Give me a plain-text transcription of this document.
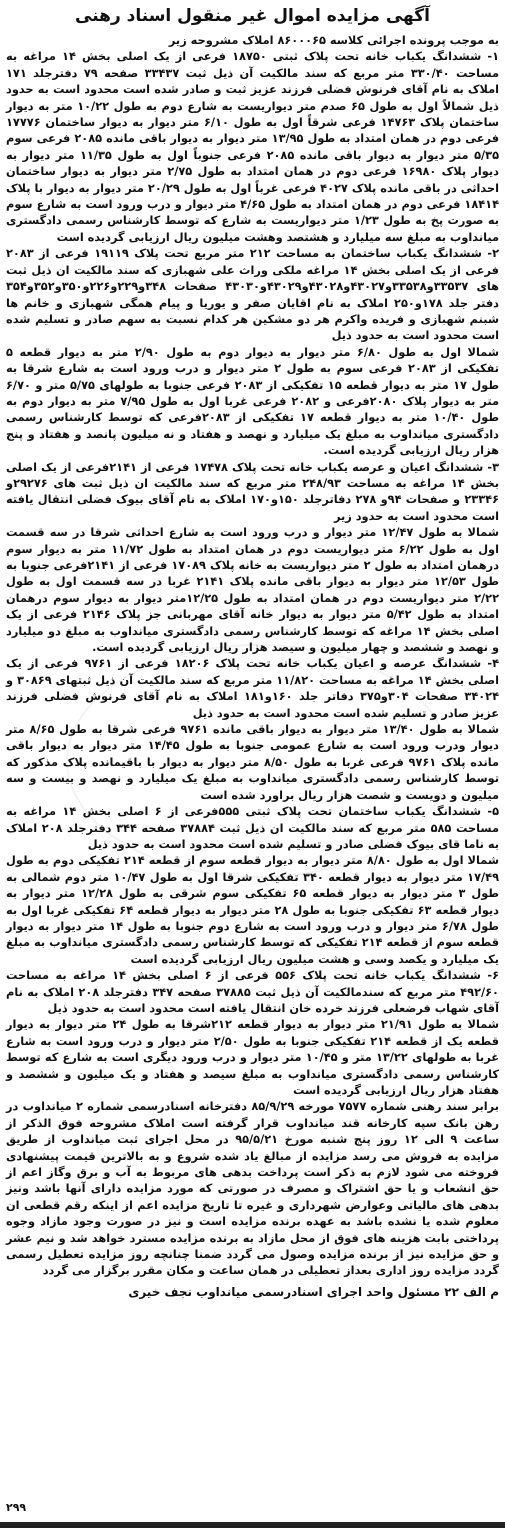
آگهی مزایده اموال غیر منقول اسناد رهنی

به موجب پرونده اجرائی کلاسه ۸۶۰۰۰۶۵ املاک مشروحه زیر

۱- ششدانگ یکباب خانه تحت پلاک ثبتی ۱۸۷۵۰ فرعی از یک اصلی بخش ۱۴ مراغه به مساحت ۳۳۰/۴۰ متر مربع که سند مالکیت آن ذیل ثبت ۳۳۴۳۷ صفحه ۷۹ دفترجلد ۱۷۱ املاک به نام آقای فرنوش فضلی فرزند عزیز ثبت و صادر شده است محدود است به حدود ذیل شمالاً اول به طول ۶۵ صدم متر دیواریست به شارع دوم به طول ۱۰/۲۲ متر به دیوار ساختمان پلاک ۱۴۷۶۳ فرعی شرقاً اول به طول ۶/۱۰ متر دیوار به دیوار ساختمان ۱۷۷۷۶ فرعی دوم در همان امتداد به طول ۱۳/۹۵ متر دیوار به دیوار باقی مانده ۲۰۸۵ فرعی سوم ۵/۳۵ متر دیوار به دیوار باقی مانده ۲۰۸۵ فرعی جنوباً اول به طول ۱۱/۳۵ متر دیوار به دیوار پلاک ۱۶۹۸۰ فرعی دوم در همان امتداد به طول ۲/۷۵ متر دیوار به دیوار ساختمان احداثی در باقی مانده پلاک ۴۰۲۷ فرعی غرباً اول به طول ۲۰/۲۹ متر دیوار به دیوار با پلاک ۱۸۴۱۴ فرعی دوم در همان امتداد به طول ۴/۶۵ متر دیوار و درب ورود است به شارع سوم به صورت پخ به طول ۱/۲۳ متر دیواریست به شارع که توسط کارشناس رسمی دادگستری میانداوب به مبلغ سه میلیارد و هشتصد وهشت میلیون ریال ارزیابی گردیده است

۲- ششدانگ یکباب ساختمان به مساحت ۲۱۲ متر مربع تحت پلاک ۱۹۱۱۹ فرعی از ۲۰۸۳ فرعی از یک اصلی بخش ۱۴ مراغه ملکی وراث علی شهبازی که سند مالکیت ان ذیل ثبت های ۳۳۵۳۷و۳۳۵۳۸و۴۳۰۲۷و۴۳۰۲۸و۴۳۰۲۹و۴۳۰۳۰ صفحات ۳۴۸و۲۲۹و۲۲۶و۳۵۰و۳۵۲و۳۵۴ دفتر جلد ۱۷۸و۲۵۰ املاک به نام اقایان صفر و یوریا و پیام همگی شهبازی و خانم ها شبنم شهبازی و فریده واکرم هر دو مشکین هر کدام نسبت به سهم صادر و تسلیم شده است محدود است به حدود ذیل

شمالا اول به طول ۶/۸۰ متر دیوار به دیوار دوم به طول ۲/۹۰ متر به دیوار قطعه ۵ تفکیکی از ۲۰۸۳ فرعی سوم به طول ۲ متر دیوار و درب ورود است به شارع شرقا به طول ۱۷ متر به دیوار قطعه ۱۵ تفکیکی از ۲۰۸۳ فرعی جنوبا به طولهای ۵/۷۵ متر و ۶/۷۰ متر به دیوار پلاک ۲۰۸۰فرعی و ۲۰۸۲ فرعی غربا اول به طول ۷/۹۵ متر به دیوار دوم به طول ۱۰/۴۰ متر به دیوار قطعه ۱۷ تفکیکی از ۲۰۸۳فرعی که توسط کارشناس رسمی دادگستری میانداوب به مبلغ یک میلیارد و نهصد و هفتاد و نه میلیون پانصد و هفتاد و پنج هزار ریال ارزیابی گردیده است.

۳- ششدانگ اعیان و عرصه یکباب خانه تحت پلاک ۱۷۴۷۸ فرعی از ۲۱۴۱فرعی از یک اصلی بخش ۱۴ مراغه به مساحت ۲۴۸/۹۳ متر مربع که سند مالکیت ان ذیل ثبت های ۲۹۲۷۶و ۲۳۳۴۶ و صفحات ۹۴و ۲۷۸ دفاترجلد ۱۵۰و۱۷۰ املاک به نام آقای بیوک فضلی انتقال یافته است محدود است به حدود زیر

شمالا به طول ۱۲/۴۷ متر دیوار و درب ورود است به شارع احداثی شرقا در سه قسمت اول به طول ۶/۲۲ متر دیواریست دوم در همان امتداد به طول ۱۱/۷۲ متر به دیوار سوم درهمان امتداد به طول ۲ متر دیواریست به خانه پلاک ۱۷۰۸۹ فرعی از ۲۱۴۱فرعی جنوبا به طول ۱۲/۵۳ متر دیوار به دیوار باقی مانده پلاک ۲۱۴۱ غربا در سه قسمت اول به طول ۲/۲۲ متر دیواریست دوم در همان امتداد به طول ۱۲/۲۵متر دیوار به دیوار سوم درهمان امتداد به طول ۵/۴۲ متر دیوار به دیوار خانه آقای مهربانی جز پلاک ۲۱۴۶ فرعی از یک اصلی بخش ۱۴ مراغه که توسط کارشناس رسمی دادگستری میانداوب به مبلغ دو میلیارد و نهصد و ششصد و چهار میلیون و سیصد هزار ریال ارزیابی گردیده است.

۴- ششدانگ عرصه و اعیان یکباب خانه تحت پلاک ۱۸۲۰۶ فرعی از ۹۷۶۱ فرعی از یک اصلی بخش ۱۴ مراغه به مساحت ۱۱/۸۲۰ متر مربع که سند مالکیت آن ذیل ثبتهای ۳۰۸۶۹ و ۳۴۰۲۴ صفحات ۳۰۴و۳۷۵ دفاتر جلد ۱۶۰و۱۸۱ املاک به نام آقای فرنوش فضلی فرزند عزیز صادر و تسلیم شده است محدود است به حدود ذیل

شمالا به طول ۱۳/۴۰ متر دیوار به دیوار باقی مانده ۹۷۶۱ فرعی شرقا به طول ۸/۶۵ متر دیوار ودرب ورود است به شارع عمومی جنوبا به طول ۱۴/۴۵ متر دیوار به دیوار باقی مانده پلاک ۹۷۶۱ فرعی غربا به طول ۸/۵۰ متر دیوار به دیوار با باقیمانده پلاک مذکور که توسط کارشناس رسمی دادگستری میانداوب به مبلغ یک میلیارد و نهصد و بیست و سه میلیون و دویست و شصت هزار ریال براورد شده است

۵- ششدانگ یکباب ساختمان تحت پلاک ثبتی ۵۵۵فرعی از ۶ اصلی بخش ۱۴ مراغه به مساحت ۵۸۵ متر مربع که سند مالکیت ان ذیل ثبت ۳۷۸۸۴ صفحه ۳۴۴ دفترجلد ۲۰۸ املاک به ناما قای بیوک فضلی صادر و تسلیم شده است محدود است به حدود ذیل

شمالا اول به طول ۸/۸۰ متر دیوار به دیوار قطعه سوم از قطعه ۲۱۴ تفکیکی دوم به طول ۱۷/۴۹ متر دیوار به دیوار قطعه ۳۴۰ تفکیکی شرقا اول به طول ۱۰/۴۷ متر دوم شمالی به طول ۳ متر دیوار به دیوار قطعه ۶۵ تفکیکی سوم شرقی به طول ۱۲/۲۸ متر دیوار به دیوار قطعه ۶۳ تفکیکی جنوبا به طول ۲۸ متر دیوار به دیوار قطعه ۶۴ تفکیکی غربا اول به طول ۶/۷۸ متر دیوار و درب ورود است به شارع دوم جنوبا به طول ۱۴ متر دیوار به دیوار قطعه سوم از قطعه ۲۱۴ تفکیکی که توسط کارشناس رسمی دادگستری میانداوب به مبلغ یک میلیارد و یکصد وسی و هشت میلیون ریال ارزیابی گردیده است

۶- ششدانگ یکباب خانه تحت پلاک ۵۵۶ فرعی از ۶ اصلی بخش ۱۴ مراغه به مساحت ۴۹۲/۶۰ متر مربع که سندمالکیت آن ذیل ثبت ۳۷۸۸۵ صفحه ۳۴۷ دفترجلد ۲۰۸ املاک به نام آقای شهاب فرضعلی فرزند خرده خان انتقال یافته است محدود است به حدود ذیل

شمالا به طول ۲۱/۹۱ متر دیوار به دیوار قطعه ۲۱۲شرقا به طول ۲۴ متر دیوار به دیوار قطعه یک از قطعه ۲۱۴ تفکیکی جنوبا به طول ۲/۵۰ متر دیوار و درب ورود است به شارع غربا به طولهای ۱۳/۲۲ متر و ۱۰/۴۵ متر دیوار و درب ورود دیگری است به شارع که توسط کارشناس رسمی دادگستری میانداوب به مبلغ سیصد و هفتاد و یک میلیون و ششصد و هفتاد هزار ریال ارزیابی گردیده است

برابر سند رهنی شماره ۷۵۷۷ مورخه ۸۵/۹/۲۹ دفترخانه اسنادرسمی شماره ۲ میانداوب در رهن بانک سپه کارخانه قند میانداوب قرار گرفته است املاک مشروحه فوق الذکر از ساعت ۹ الی ۱۲ روز پنج شنبه مورخ ۹۵/۵/۲۱ در محل اجرای ثبت میانداوب از طریق مزایده به فروش می رسد مزایده از مبالغ یاد شده شروع و به بالاترین قیمت پیشنهادی فروخته می شود لازم به ذکر است پرداخت بدهی های مربوط به آب و برق وگاز اعم از حق انشعاب و یا حق اشتراک و مصرف در صورتی که مورد مزایده دارای آنها باشد ونیز بدهی های مالیاتی وعوارض شهرداری و غیره تا تاریخ مزایده اعم از اینکه رقم قطعی ان معلوم شده یا نشده باشد به عهده برنده مزایده است و نیز در صورت وجود مازاد وجوه پرداختی بابت هزینه های فوق از محل مازاد به برنده مزایده مسترد خواهد شد و نیم عشر و حق مزایده نیز از برنده مزایده وصول می گردد ضمنا چنانچه روز مزایده تعطیل رسمی گردد مزایده روز اداری بعداز تعطیلی در همان ساعت و مکان مقرر برگزار می گردد

م الف ۲۲ مسئول واحد اجرای اسنادرسمی میانداوب نجف خیری
۲۹۹
